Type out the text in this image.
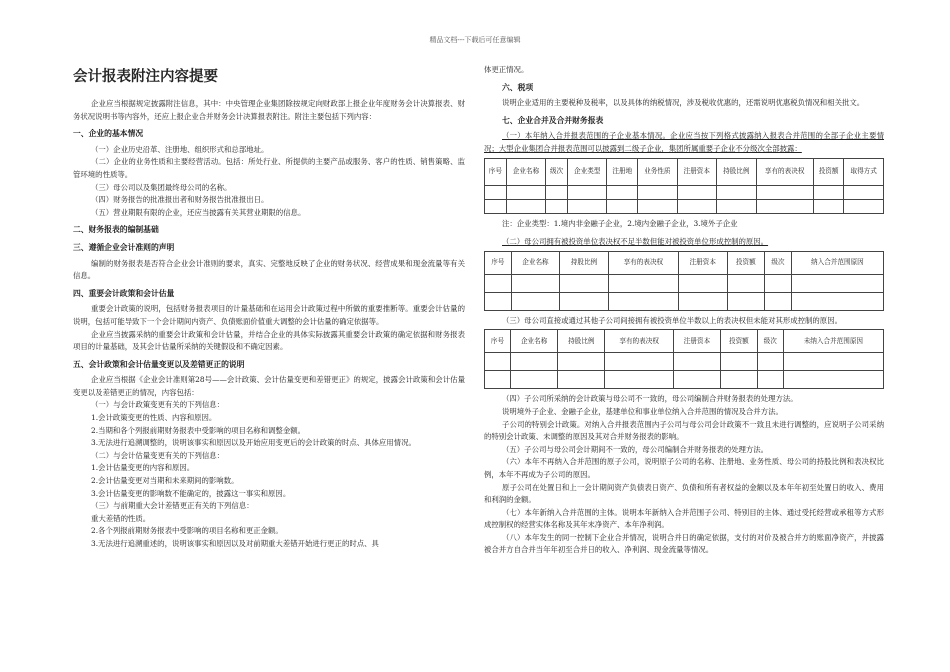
精品文档---下载后可任意编辑
会计报表附注内容提要

企业应当根据规定披露附注信息，其中：中央管理企业集团除按规定向财政部上报企业年度财务会计决算报表、财务状况说明书等内容外，还应上报企业合并财务会计决算报表附注。附注主要包括下列内容：

一、企业的基本情况

（一）企业历史沿革、注册地、组织形式和总部地址。

（二）企业的业务性质和主要经营活动。包括：所处行业、所提供的主要产品或服务、客户的性质、销售策略、监管环境的性质等。

（三）母公司以及集团最终母公司的名称。

（四）财务报告的批准报出者和财务报告批准报出日。

（五）营业期限有限的企业，还应当披露有关其营业期限的信息。

二、财务报表的编制基础
三、遵循企业会计准则的声明

编制的财务报表是否符合企业会计准则的要求，真实、完整地反映了企业的财务状况、经营成果和现金流量等有关信息。

四、重要会计政策和会计估量

重要会计政策的说明，包括财务报表项目的计量基础和在运用会计政策过程中所做的重要推断等。重要会计估量的说明，包括可能导致下一个会计期间内资产、负债账面价值重大调整的会计估量的确定依据等。

企业应当披露采纳的重要会计政策和会计估量，并结合企业的具体实际披露其重要会计政策的确定依据和财务报表项目的计量基础，及其会计估量所采纳的关键假设和不确定因素。

五、会计政策和会计估量变更以及差错更正的说明

企业应当根据《企业会计准则第28号——会计政策、会计估量变更和差错更正》的规定，披露会计政策和会计估量变更以及差错更正的情况，内容包括：

（一）与会计政策变更有关的下列信息：

1.会计政策变更的性质、内容和原因。

2.当期和各个列报前期财务报表中受影响的项目名称和调整金额。

3.无法进行追溯调整的，说明该事实和原因以及开始应用变更后的会计政策的时点、具体应用情况。

（二）与会计估量变更有关的下列信息：

1.会计估量变更的内容和原因。

2.会计估量变更对当期和未来期间的影响数。

3.会计估量变更的影响数不能确定的，披露这一事实和原因。

（三）与前期重大会计差错更正有关的下列信息：

重大差错的性质。

2.各个列报前期财务报表中受影响的项目名称和更正金额。

3.无法进行追溯重述的，说明该事实和原因以及对前期重大差错开始进行更正的时点、具

体更正情况。
六、税项

说明企业适用的主要税种及税率，以及具体的纳税情况，涉及税收优惠的，还需说明优惠税负情况和相关批文。

七、企业合并及合并财务报表

（一）本年纳入合并报表范围的子企业基本情况。企业应当按下列格式披露纳入报表合并范围的全部子企业主要情况；大型企业集团合并报表范围可以披露到二级子企业，集团所属重要子企业不分级次全部披露：

序号	企业名称	级次	企业类型	注册地	业务性质	注册资本	持股比例	享有的表决权	投资额	取得方式

注：企业类型：1.境内非金融子企业，2.境内金融子企业，3.境外子企业

（二）母公司拥有被投资单位表决权不足半数但能对被投资单位形成控制的原因。

序号	企业名称	持股比例	享有的表决权	注册资本	投资额	级次	纳入合并范围原因

（三）母公司直接或通过其他子公司间接拥有被投资单位半数以上的表决权但未能对其形成控制的原因。

序号	企业名称	持股比例	享有的表决权	注册资本	投资额	级次	未纳入合并范围原因

（四）子公司所采纳的会计政策与母公司不一致的，母公司编制合并财务报表的处理方法。

说明境外子企业、金融子企业，基建单位和事业单位纳入合并范围的情况及合并方法。

子公司的特别会计政策。对纳入合并报表范围内子公司与母公司会计政策不一致且未进行调整的，应说明子公司采纳的特别会计政策、未调整的原因及其对合并财务报表的影响。

（五）子公司与母公司会计期间不一致的，母公司编制合并财务报表的处理方法。

（六）本年不再纳入合并范围的原子公司，说明原子公司的名称、注册地、业务性质、母公司的持股比例和表决权比例，本年不再成为子公司的原因。

原子公司在处置日和上一会计期间资产负债表日资产、负债和所有者权益的金额以及本年年初至处置日的收入、费用和利润的金额。

（七）本年新纳入合并范围的主体。说明本年新纳入合并范围子公司、特别目的主体、通过受托经营或承租等方式形成控制权的经营实体名称及其年末净资产、本年净利润。

（八）本年发生的同一控制下企业合并情况，说明合并日的确定依据，支付的对价及被合并方的账面净资产，并披露被合并方自合并当年年初至合并日的收入、净利润、现金流量等情况。
